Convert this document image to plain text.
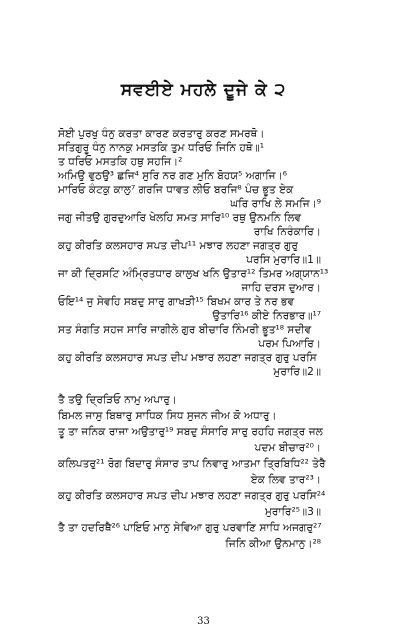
ਸਵਈਏ ਮਹਲੇ ਦੂਜੇ ਕੇ ੨
ਸੋਈ ਪੁਰਖੁ ਧੰਨੁ ਕਰਤਾ ਕਾਰਣ ਕਰਤਾਰੁ ਕਰਣ ਸਮਰਥੋ।
ਸਤਿਗੁਰੂ ਧੰਨੁ ਨਾਨਕੁ ਮਸਤਕਿ ਤੁਮ ਧਰਿਓ ਜਿਨਿ ਹਥੋ॥¹
ਤ ਧਰਿਓ ਮਸਤਕਿ ਹਥੁ ਸਹਜਿ।²
ਅਮਿਉ ਵੁਠਉ³ ਛਜਿ⁴ ਸੁਰਿ ਨਰ ਗਣ ਮੁਨਿ ਬੋਹਯ⁵ ਅਗਾਜਿ।⁶
ਮਾਰਿਓ ਕੰਟਕੁ ਕਾਲੁ⁷ ਗਰਜਿ ਧਾਵਤ ਲੀਓ ਬਰਜਿ⁸ ਪੰਚ ਭੂਤ ਏਕ
ਘਰਿ ਰਾਖਿ ਲੇ ਸਮਜਿ।⁹
ਜਗੁ ਜੀਤਉ ਗੁਰਦੁਆਰਿ ਖੇਲਹਿ ਸਮਤ ਸਾਰਿ¹⁰ ਰਥੁ ਉਨਮਨਿ ਲਿਵ
ਰਾਖਿ ਨਿਰੰਕਾਰਿ।
ਕਹੁ ਕੀਰਤਿ ਕਲਸਹਾਰ ਸਪਤ ਦੀਪ¹¹ ਮਝਾਰ ਲਹਣਾ ਜਗਤ੍ਰ ਗੁਰੁ
ਪਰਸਿ ਮੁਰਾਰਿ॥1॥
ਜਾ ਕੀ ਦ੍ਰਿਸਟਿ ਅੰਮ੍ਰਿਤਧਾਰ ਕਾਲੁਖ ਖਨਿ ਉਤਾਰ¹² ਤਿਮਰ ਅਗ੍ਯਾਨ¹³
ਜਾਹਿ ਦਰਸ ਦੁਆਰ।
ਓਇ¹⁴ ਜੁ ਸੇਵਹਿ ਸਬਦੁ ਸਾਰੁ ਗਾਖੜੀ¹⁵ ਬਿਖਮ ਕਾਰ ਤੇ ਨਰ ਭਵ
ਉਤਾਰਿ¹⁶ ਕੀਏ ਨਿਰਭਾਰ॥¹⁷
ਸਤ ਸੰਗਤਿ ਸਹਜ ਸਾਰਿ ਜਾਗੀਲੇ ਗੁਰ ਬੀਚਾਰਿ ਨਿੰਮਰੀ ਭੂਤ¹⁸ ਸਦੀਵ
ਪਰਮ ਪਿਆਰਿ।
ਕਹੁ ਕੀਰਤਿ ਕਲਸਹਾਰ ਸਪਤ ਦੀਪ ਮਝਾਰ ਲਹਣਾ ਜਗਤ੍ਰ ਗੁਰੁ ਪਰਸਿ
ਮੁਰਾਰਿ॥2॥
ਤੈ ਤਉ ਦ੍ਰਿੜਿਓ ਨਾਮੁ ਅਪਾਰੁ।
ਬਿਮਲ ਜਾਸੁ ਬਿਥਾਰੁ ਸਾਧਿਕ ਸਿਧ ਸੁਜਨ ਜੀਅ ਕੋ ਅਧਾਰੁ।
ਤੂ ਤਾ ਜਨਿਕ ਰਾਜਾ ਅਉਤਾਰੁ¹⁹ ਸਬਦੁ ਸੰਸਾਰਿ ਸਾਰੁ ਰਹਹਿ ਜਗਤ੍ਰ ਜਲ
ਪਦਮ ਬੀਚਾਰ²⁰।
ਕਲਿਪਤਰੁ²¹ ਰੋਗ ਬਿਦਾਰੁ ਸੰਸਾਰ ਤਾਪ ਨਿਵਾਰੁ ਆਤਮਾ ਤ੍ਰਿਬਿਧਿ²² ਤੇਰੈ
ਏਕ ਲਿਵ ਤਾਰ²³।
ਕਹੁ ਕੀਰਤਿ ਕਲਸਹਾਰ ਸਪਤ ਦੀਪ ਮਝਾਰ ਲਹਣਾ ਜਗਤ੍ਰ ਗੁਰੁ ਪਰਸਿ²⁴
ਮੁਰਾਰਿ²⁵॥3॥
ਤੈ ਤਾ ਹਦਰਿਥੈ²⁶ ਪਾਇਓ ਮਾਨੁ ਸੇਵਿਆ ਗੁਰੁ ਪਰਵਾਣਿ ਸਾਧਿ ਅਜਗਰੁ²⁷
ਜਿਨਿ ਕੀਆ ਉਨਮਾਨੁ।²⁸
33
